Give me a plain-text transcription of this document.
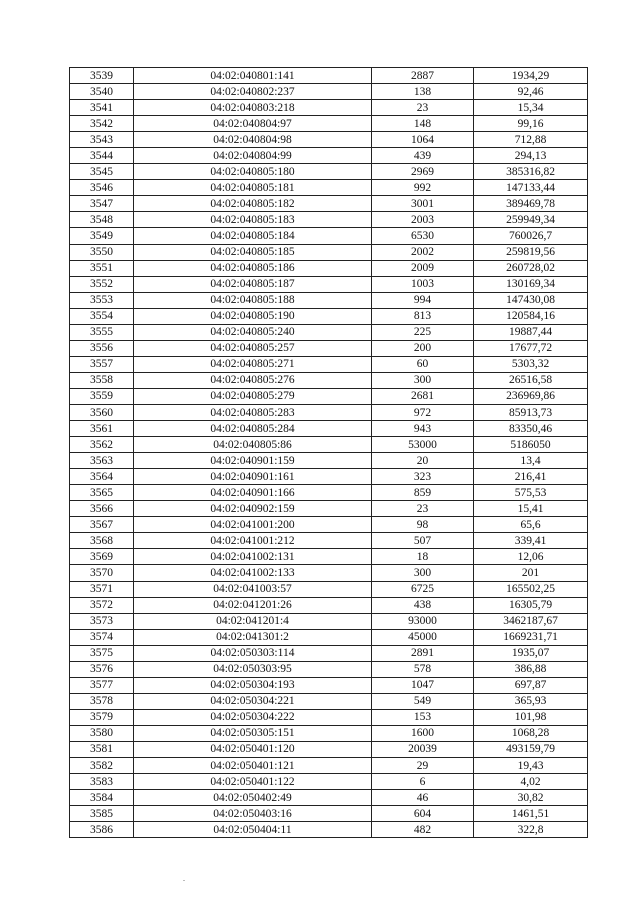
3539	04:02:040801:141	2887	1934,29
3540	04:02:040802:237	138	92,46
3541	04:02:040803:218	23	15,34
3542	04:02:040804:97	148	99,16
3543	04:02:040804:98	1064	712,88
3544	04:02:040804:99	439	294,13
3545	04:02:040805:180	2969	385316,82
3546	04:02:040805:181	992	147133,44
3547	04:02:040805:182	3001	389469,78
3548	04:02:040805:183	2003	259949,34
3549	04:02:040805:184	6530	760026,7
3550	04:02:040805:185	2002	259819,56
3551	04:02:040805:186	2009	260728,02
3552	04:02:040805:187	1003	130169,34
3553	04:02:040805:188	994	147430,08
3554	04:02:040805:190	813	120584,16
3555	04:02:040805:240	225	19887,44
3556	04:02:040805:257	200	17677,72
3557	04:02:040805:271	60	5303,32
3558	04:02:040805:276	300	26516,58
3559	04:02:040805:279	2681	236969,86
3560	04:02:040805:283	972	85913,73
3561	04:02:040805:284	943	83350,46
3562	04:02:040805:86	53000	5186050
3563	04:02:040901:159	20	13,4
3564	04:02:040901:161	323	216,41
3565	04:02:040901:166	859	575,53
3566	04:02:040902:159	23	15,41
3567	04:02:041001:200	98	65,6
3568	04:02:041001:212	507	339,41
3569	04:02:041002:131	18	12,06
3570	04:02:041002:133	300	201
3571	04:02:041003:57	6725	165502,25
3572	04:02:041201:26	438	16305,79
3573	04:02:041201:4	93000	3462187,67
3574	04:02:041301:2	45000	1669231,71
3575	04:02:050303:114	2891	1935,07
3576	04:02:050303:95	578	386,88
3577	04:02:050304:193	1047	697,87
3578	04:02:050304:221	549	365,93
3579	04:02:050304:222	153	101,98
3580	04:02:050305:151	1600	1068,28
3581	04:02:050401:120	20039	493159,79
3582	04:02:050401:121	29	19,43
3583	04:02:050401:122	6	4,02
3584	04:02:050402:49	46	30,82
3585	04:02:050403:16	604	1461,51
3586	04:02:050404:11	482	322,8
